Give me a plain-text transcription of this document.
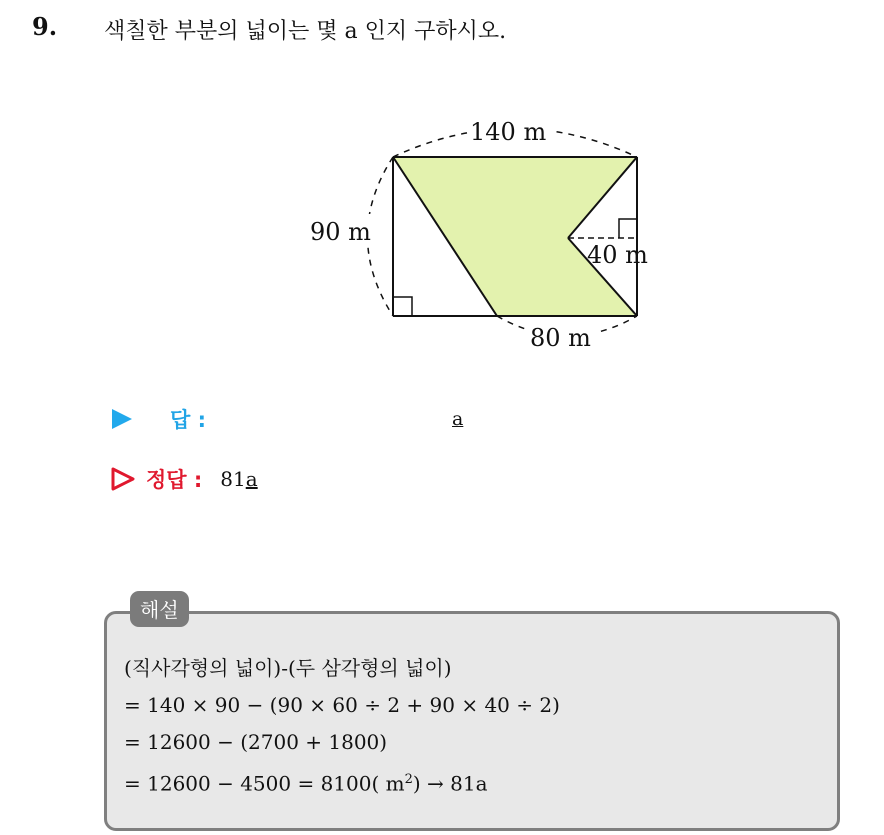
9. 색칠한 부분의 넓이는 몇 a 인지 구하시오.
140 m
90 m
40 m
80 m
답 :	a
정답 : 81a
해설
(직사각형의 넓이)-(두 삼각형의 넓이)
= 140 × 90 − (90 × 60 ÷ 2 + 90 × 40 ÷ 2)
= 12600 − (2700 + 1800)
= 12600 − 4500 = 8100( $m^2) \to 81a$
